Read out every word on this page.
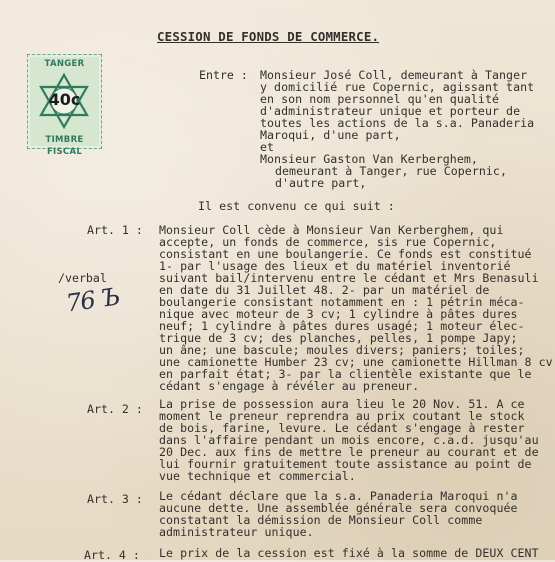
CESSION DE FONDS DE COMMERCE.
TANGER
40c
TIMBRE FISCAL
Entre : Monsieur José Coll, demeurant à Tanger
y domicilié rue Copernic, agissant tant
en son nom personnel qu'en qualité
d'administrateur unique et porteur de
toutes les actions de la s.a. Panaderia
Maroqui, d'une part,
et
Monsieur Gaston Van Kerberghem,
demeurant à Tanger, rue Copernic,
d'autre part,
Il est convenu ce qui suit :
Art. 1 : Monsieur Coll cède à Monsieur Van Kerberghem, qui
accepte, un fonds de commerce, sis rue Copernic,
consistant en une boulangerie. Ce fonds est constitué
1- par l'usage des lieux et du matériel inventorié
suivant bail/intervenu entre le cédant et Mrs Benasuli
en date du 31 Juillet 48. 2- par un matériel de
boulangerie consistant notamment en : 1 pétrin méca-
nique avec moteur de 3 cv; 1 cylindre à pâtes dures
neuf; 1 cylindre à pâtes dures usagé; 1 moteur élec-
trique de 3 cv; des planches, pelles, 1 pompe Japy;
un âne; une bascule; moules divers; paniers; toiles;
une camionette Humber 23 cv; une camionette Hillman 8 cv
en parfait état; 3- par la clientèle existante que le
cédant s'engage à révéler au preneur.
/verbal
76 Ъ
Art. 2 : La prise de possession aura lieu le 20 Nov. 51. A ce
moment le preneur reprendra au prix coutant le stock
de bois, farine, levure. Le cédant s'engage à rester
dans l'affaire pendant un mois encore, c.a.d. jusqu'au
20 Dec. aux fins de mettre le preneur au courant et de
lui fournir gratuitement toute assistance au point de
vue technique et commercial.
Art. 3 : Le cédant déclare que la s.a. Panaderia Maroqui n'a
aucune dette. Une assemblée générale sera convoquée
constatant la démission de Monsieur Coll comme
administrateur unique.
Art. 4 : Le prix de la cession est fixé à la somme de DEUX CENT
